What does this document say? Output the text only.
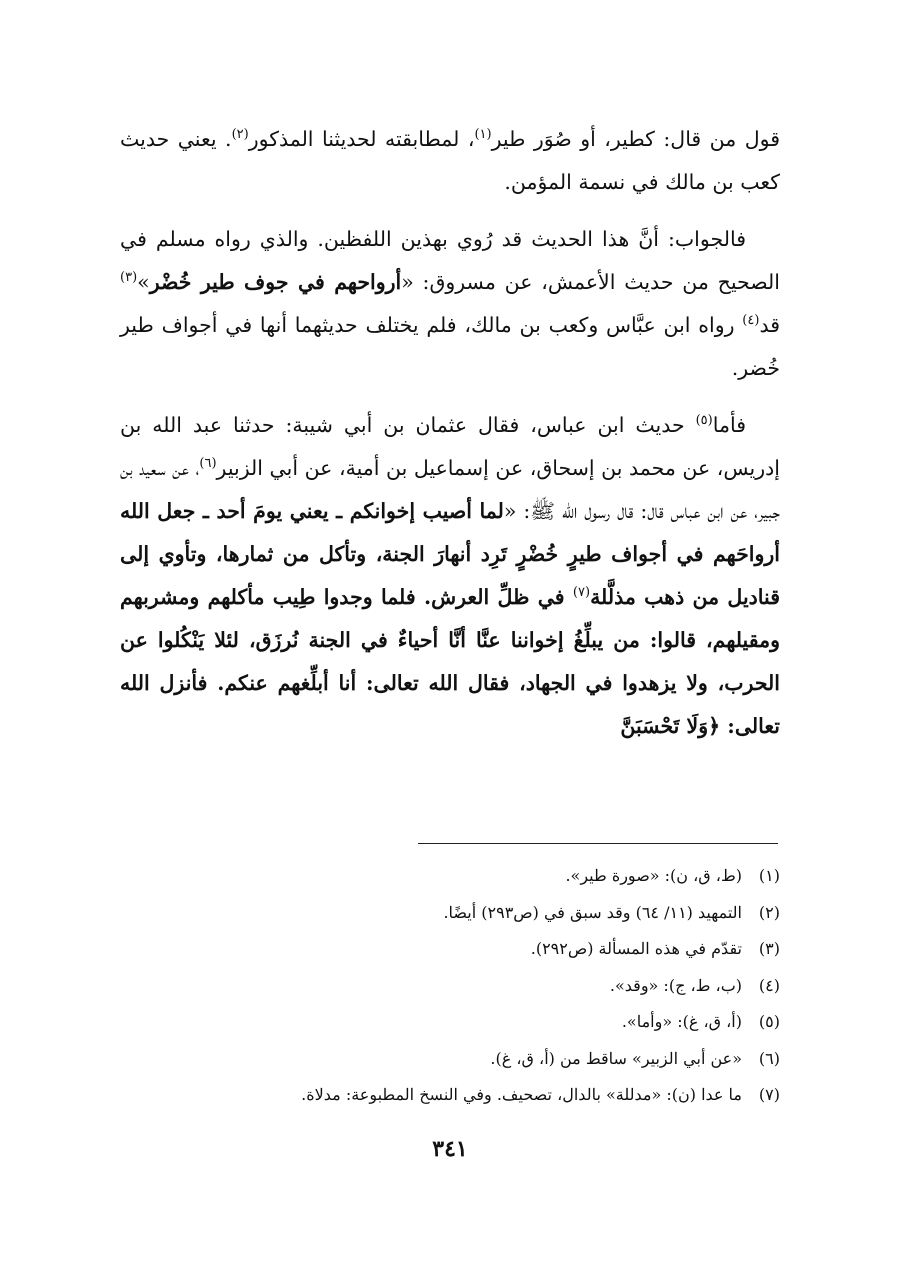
قول من قال: كطير، أو صُوَر طير$^{(١)}$، لمطابقته لحديثنا المذكور$^{(٢)}$. يعني حديث كعب بن مالك في نسمة المؤمن.

فالجواب: أنَّ هذا الحديث قد رُوي بهذين اللفظين. والذي رواه مسلم في الصحيح من حديث الأعمش، عن مسروق: «أرواحهم في جوف طير خُضْر»$^{(٣)}$ قد$^{(٤)}$ رواه ابن عبَّاس وكعب بن مالك، فلم يختلف حديثهما أنها في أجواف طير خُضر.

فأما$^{(٥)}$ حديث ابن عباس، فقال عثمان بن أبي شيبة: حدثنا عبد الله بن إدريس، عن محمد بن إسحاق، عن إسماعيل بن أمية، عن أبي الزبير$^{(٦)}$، عن سعيد بن جبير، عن ابن عباس قال: قال رسول الله ﷺ: «لما أصيب إخوانكم ـ يعني يومَ أحد ـ جعل الله أرواحَهم في أجواف طيرٍ خُضْرٍ تَرِد أنهارَ الجنة، وتأكل من ثمارها، وتأوي إلى قناديل من ذهب مذلَّلة$^{(٧)}$ في ظلِّ العرش. فلما وجدوا طِيب مأكلهم ومشربهم ومقيلهم، قالوا: من يبلِّغُ إخواننا عنَّا أنَّا أحياءٌ في الجنة نُرزَق، لئلا يَنْكُلوا عن الحرب، ولا يزهدوا في الجهاد، فقال الله تعالى: أنا أبلِّغهم عنكم. فأنزل الله تعالى: ﴿وَلَا تَحْسَبَنَّ

(١)(ط، ق، ن): «صورة طير».
(٢)التمهيد (١١/ ٦٤) وقد سبق في (ص٢٩٣) أيضًا.
(٣)تقدّم في هذه المسألة (ص٢٩٢).
(٤)(ب، ط، ج): «وقد».
(٥)(أ، ق، غ): «وأما».
(٦)«عن أبي الزبير» ساقط من (أ، ق، غ).
(٧)ما عدا (ن): «مدللة» بالدال، تصحيف. وفي النسخ المطبوعة: مدلاة.
٣٤١
